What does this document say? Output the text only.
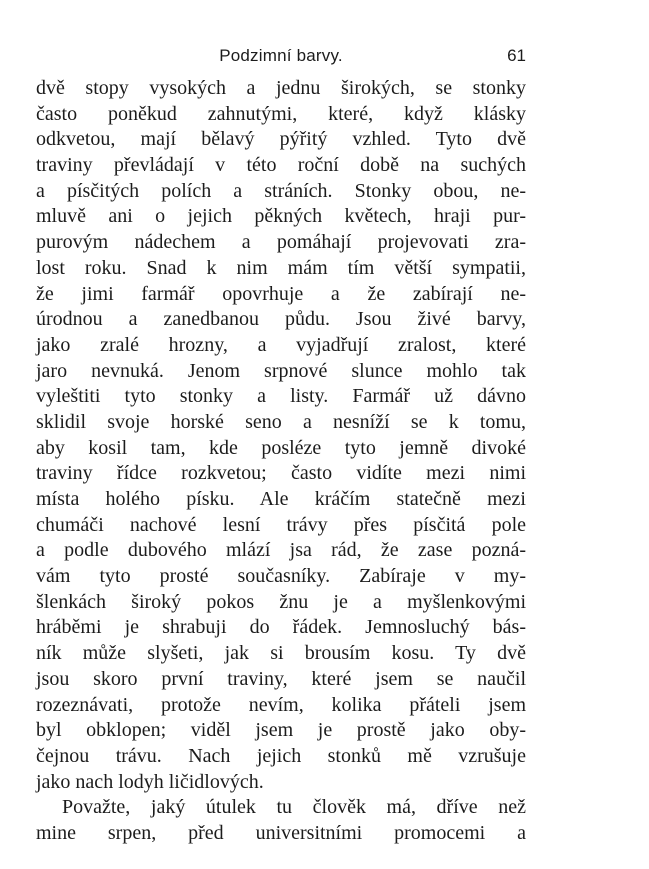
Podzimní barvy.	61
dvě stopy vysokých a jednu širokých, se stonky
často poněkud zahnutými, které, když klásky
odkvetou, mají bělavý pýřitý vzhled. Tyto dvě
traviny převládají v této roční době na suchých
a písčitých polích a stráních. Stonky obou, ne-
mluvě ani o jejich pěkných květech, hraji pur-
purovým nádechem a pomáhají projevovati zra-
lost roku. Snad k nim mám tím větší sympatii,
že jimi farmář opovrhuje a že zabírají ne-
úrodnou a zanedbanou půdu. Jsou živé barvy,
jako zralé hrozny, a vyjadřují zralost, které
jaro nevnuká. Jenom srpnové slunce mohlo tak
vyleštiti tyto stonky a listy. Farmář už dávno
sklidil svoje horské seno a nesníží se k tomu,
aby kosil tam, kde posléze tyto jemně divoké
traviny řídce rozkvetou; často vidíte mezi nimi
místa holého písku. Ale kráčím statečně mezi
chumáči nachové lesní trávy přes písčitá pole
a podle dubového mlází jsa rád, že zase pozná-
vám tyto prosté současníky. Zabíraje v my-
šlenkách široký pokos žnu je a myšlenkovými
hráběmi je shrabuji do řádek. Jemnosluchý bás-
ník může slyšeti, jak si brousím kosu. Ty dvě
jsou skoro první traviny, které jsem se naučil
rozeznávati, protože nevím, kolika přáteli jsem
byl obklopen; viděl jsem je prostě jako oby-
čejnou trávu. Nach jejich stonků mě vzrušuje
jako nach lodyh ličidlových.
Považte, jaký útulek tu člověk má, dříve než
mine srpen, před universitními promocemi a
